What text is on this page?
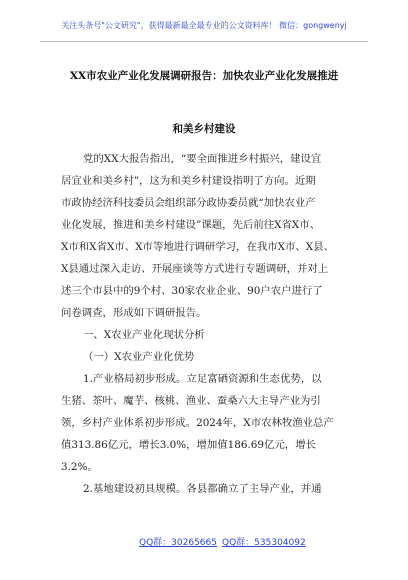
关注头条号"公文研究"，获得最新最全最专业的公文资料库！ 微信：gongwenyj
XX市农业产业化发展调研报告：加快农业产业化发展推进
和美乡村建设
党的XX大报告指出，“要全面推进乡村振兴，建设宜
居宜业和美乡村”，这为和美乡村建设指明了方向。近期
市政协经济科技委员会组织部分政协委员就“加快农业产
业化发展，推进和美乡村建设”课题，先后前往X省X市、
X市和X省X市、X市等地进行调研学习，在我市X市、X县、
X县通过深入走访、开展座谈等方式进行专题调研，并对上
述三个市县中的9个村、30家农业企业、90户农户进行了
问卷调查，形成如下调研报告。
一、X农业产业化现状分析
（一）X农业产业化优势
1.产业格局初步形成。立足富硒资源和生态优势，以
生猪、茶叶、魔芋、核桃、渔业、蚕桑六大主导产业为引
领，乡村产业体系初步形成。2024年，X市农林牧渔业总产
值313.86亿元，增长3.0%，增加值186.69亿元，增长
3.2%。
2.基地建设初具规模。各县都确立了主导产业，并通
QQ群：30265665 QQ群：535304092
